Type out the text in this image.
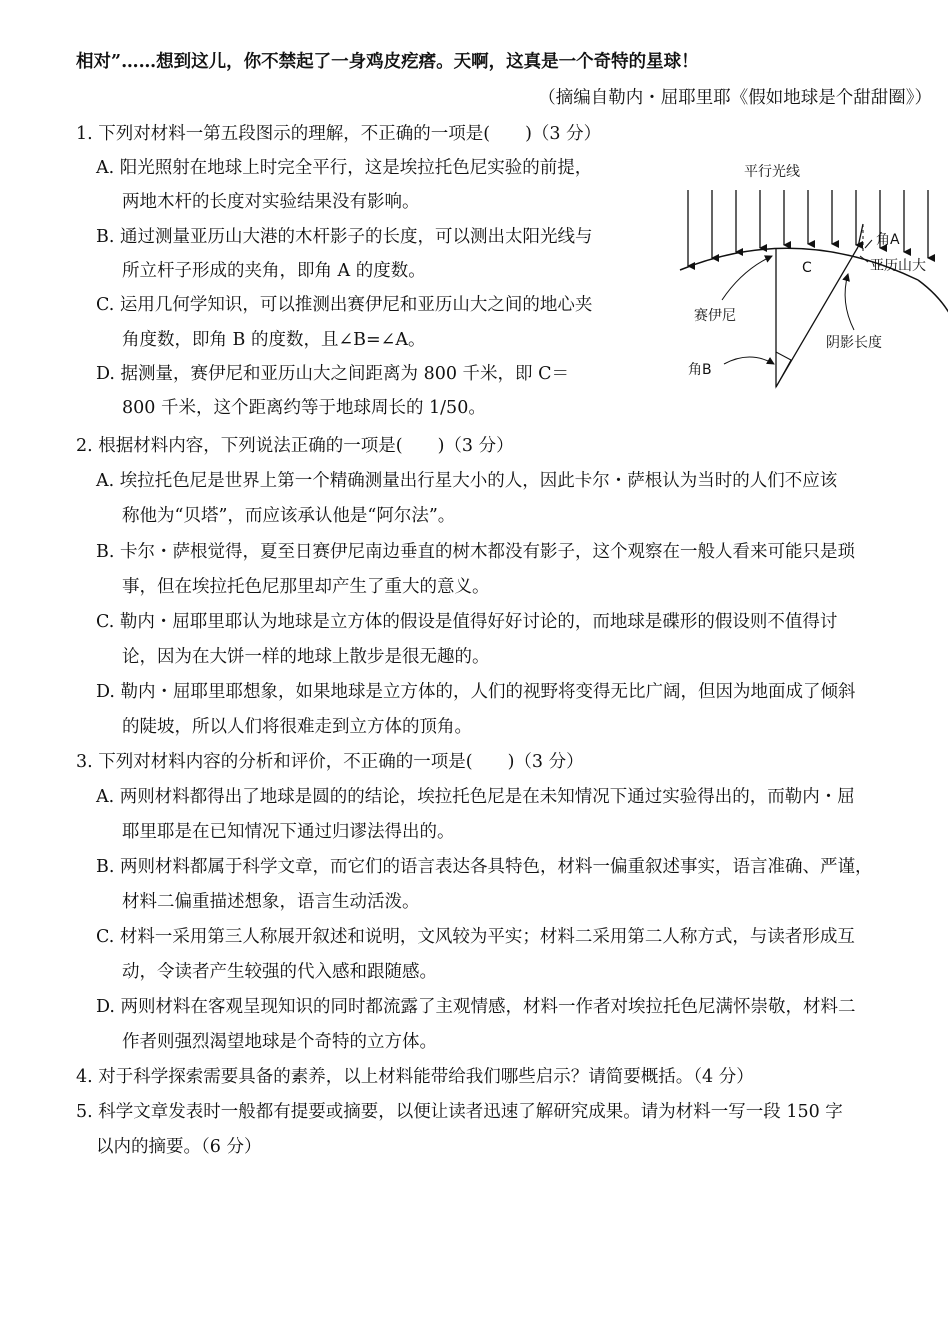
相对”……想到这儿，你不禁起了一身鸡皮疙瘩。天啊，这真是一个奇特的星球！
（摘编自勒内・屈耶里耶《假如地球是个甜甜圈》）
1. 下列对材料一第五段图示的理解，不正确的一项是(　　)（3 分）
A. 阳光照射在地球上时完全平行，这是埃拉托色尼实验的前提，
两地木杆的长度对实验结果没有影响。
B. 通过测量亚历山大港的木杆影子的长度，可以测出太阳光线与
所立杆子形成的夹角，即角 A 的度数。
C. 运用几何学知识，可以推测出赛伊尼和亚历山大之间的地心夹
角度数，即角 B 的度数，且∠B=∠A。
D. 据测量，赛伊尼和亚历山大之间距离为 800 千米，即 C＝
800 千米，这个距离约等于地球周长的 1/50。
平行光线
角A
亚历山大
C
赛伊尼
阴影长度
角B
2. 根据材料内容，下列说法正确的一项是(　　)（3 分）
A. 埃拉托色尼是世界上第一个精确测量出行星大小的人，因此卡尔・萨根认为当时的人们不应该
称他为“贝塔”，而应该承认他是“阿尔法”。
B. 卡尔・萨根觉得，夏至日赛伊尼南边垂直的树木都没有影子，这个观察在一般人看来可能只是琐
事，但在埃拉托色尼那里却产生了重大的意义。
C. 勒内・屈耶里耶认为地球是立方体的假设是值得好好讨论的，而地球是碟形的假设则不值得讨
论，因为在大饼一样的地球上散步是很无趣的。
D. 勒内・屈耶里耶想象，如果地球是立方体的，人们的视野将变得无比广阔，但因为地面成了倾斜
的陡坡，所以人们将很难走到立方体的顶角。
3. 下列对材料内容的分析和评价，不正确的一项是(　　)（3 分）
A. 两则材料都得出了地球是圆的的结论，埃拉托色尼是在未知情况下通过实验得出的，而勒内・屈
耶里耶是在已知情况下通过归谬法得出的。
B. 两则材料都属于科学文章，而它们的语言表达各具特色，材料一偏重叙述事实，语言准确、严谨，
材料二偏重描述想象，语言生动活泼。
C. 材料一采用第三人称展开叙述和说明，文风较为平实；材料二采用第二人称方式，与读者形成互
动，令读者产生较强的代入感和跟随感。
D. 两则材料在客观呈现知识的同时都流露了主观情感，材料一作者对埃拉托色尼满怀崇敬，材料二
作者则强烈渴望地球是个奇特的立方体。
4. 对于科学探索需要具备的素养，以上材料能带给我们哪些启示？请简要概括。（4 分）
5. 科学文章发表时一般都有提要或摘要，以便让读者迅速了解研究成果。请为材料一写一段 150 字
以内的摘要。（6 分）
